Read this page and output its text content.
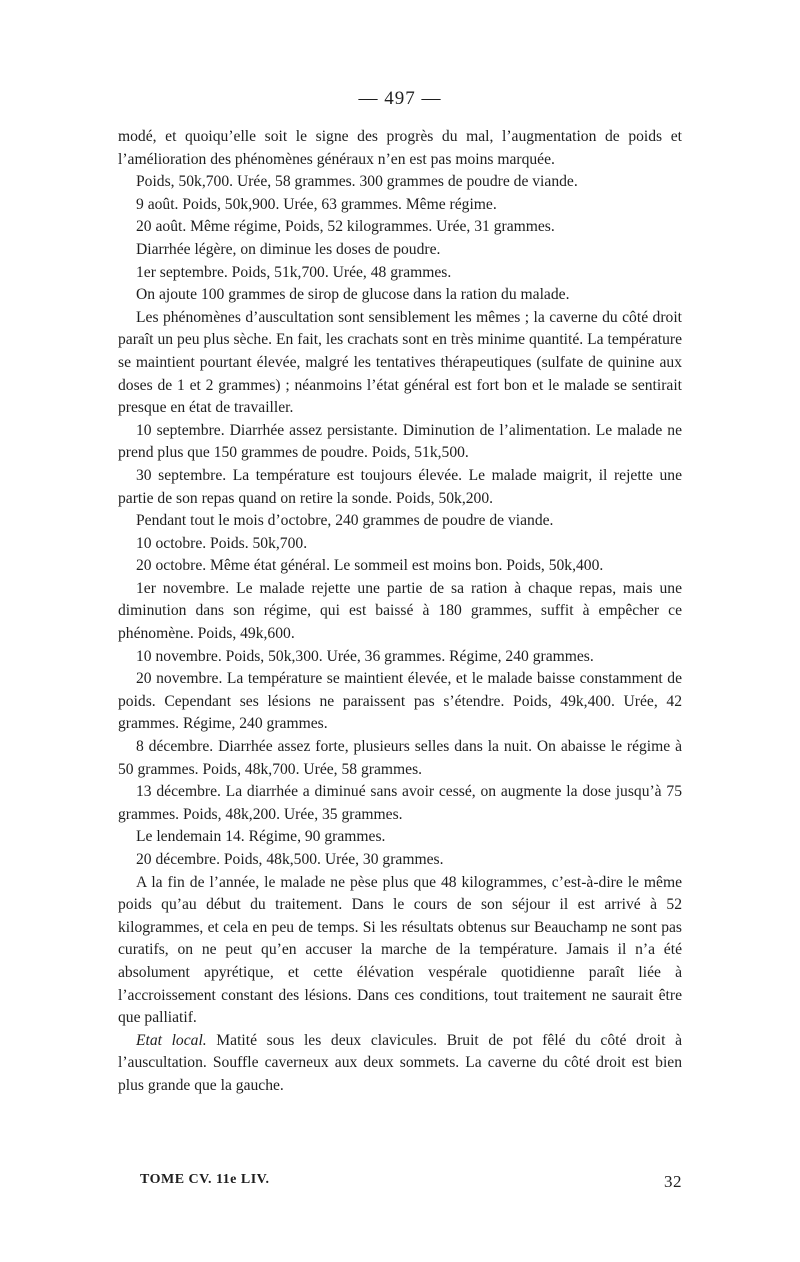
— 497 —

modé, et quoiqu’elle soit le signe des progrès du mal, l’augmentation de poids et l’amélioration des phénomènes généraux n’en est pas moins marquée.

Poids, 50k,700. Urée, 58 grammes. 300 grammes de poudre de viande.

9 août. Poids, 50k,900. Urée, 63 grammes. Même régime.

20 août. Même régime, Poids, 52 kilogrammes. Urée, 31 grammes.

Diarrhée légère, on diminue les doses de poudre.

1er septembre. Poids, 51k,700. Urée, 48 grammes.

On ajoute 100 grammes de sirop de glucose dans la ration du malade.

Les phénomènes d’auscultation sont sensiblement les mêmes ; la caverne du côté droit paraît un peu plus sèche. En fait, les crachats sont en très minime quantité. La température se maintient pourtant élevée, malgré les tentatives thérapeutiques (sulfate de quinine aux doses de 1 et 2 grammes) ; néanmoins l’état général est fort bon et le malade se sentirait presque en état de travailler.

10 septembre. Diarrhée assez persistante. Diminution de l’alimentation. Le malade ne prend plus que 150 grammes de poudre. Poids, 51k,500.

30 septembre. La température est toujours élevée. Le malade maigrit, il rejette une partie de son repas quand on retire la sonde. Poids, 50k,200.

Pendant tout le mois d’octobre, 240 grammes de poudre de viande.

10 octobre. Poids. 50k,700.

20 octobre. Même état général. Le sommeil est moins bon. Poids, 50k,400.

1er novembre. Le malade rejette une partie de sa ration à chaque repas, mais une diminution dans son régime, qui est baissé à 180 grammes, suffit à empêcher ce phénomène. Poids, 49k,600.

10 novembre. Poids, 50k,300. Urée, 36 grammes. Régime, 240 grammes.

20 novembre. La température se maintient élevée, et le malade baisse constamment de poids. Cependant ses lésions ne paraissent pas s’étendre. Poids, 49k,400. Urée, 42 grammes. Régime, 240 grammes.

8 décembre. Diarrhée assez forte, plusieurs selles dans la nuit. On abaisse le régime à 50 grammes. Poids, 48k,700. Urée, 58 grammes.

13 décembre. La diarrhée a diminué sans avoir cessé, on augmente la dose jusqu’à 75 grammes. Poids, 48k,200. Urée, 35 grammes.

Le lendemain 14. Régime, 90 grammes.

20 décembre. Poids, 48k,500. Urée, 30 grammes.

A la fin de l’année, le malade ne pèse plus que 48 kilogrammes, c’est-à-dire le même poids qu’au début du traitement. Dans le cours de son séjour il est arrivé à 52 kilogrammes, et cela en peu de temps. Si les résultats obtenus sur Beauchamp ne sont pas curatifs, on ne peut qu’en accuser la marche de la température. Jamais il n’a été absolument apyrétique, et cette élévation vespérale quotidienne paraît liée à l’accroissement constant des lésions. Dans ces conditions, tout traitement ne saurait être que palliatif.

Etat local. Matité sous les deux clavicules. Bruit de pot fêlé du côté droit à l’auscultation. Souffle caverneux aux deux sommets. La caverne du côté droit est bien plus grande que la gauche.

TOME CV. 11e LIV.	32
